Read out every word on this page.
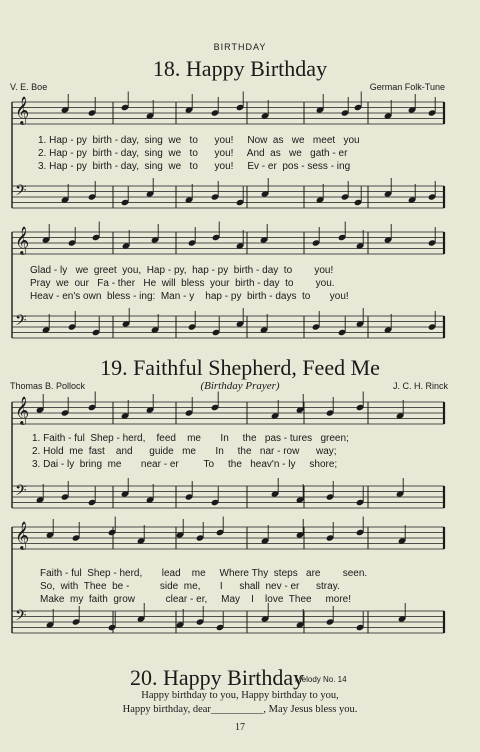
BIRTHDAY
18. Happy Birthday
V. E. Boe	German Folk-Tune
1. Hap - py  birth - day,  sing  we   to      you!     Now  as   we   meet   you
2. Hap - py  birth - day,  sing  we   to      you!     And  as   we   gath - er
3. Hap - py  birth - day,  sing  we   to      you!     Ev - er  pos - sess - ing
Glad - ly   we  greet  you,  Hap - py,  hap - py  birth - day  to        you!
Pray  we  our   Fa - ther   He  will  bless  your  birth - day  to        you.
Heav - en's own  bless - ing:  Man - y    hap - py  birth - days  to       you!
19. Faithful Shepherd, Feed Me
(Birthday Prayer)
Thomas B. Pollock	J. C. H. Rinck
1. Faith - ful  Shep - herd,    feed    me       In     the   pas - tures   green;
2. Hold  me  fast    and      guide   me       In     the   nar - row      way;
3. Dai - ly  bring  me       near - er         To     the   heav'n - ly     shore;
Faith - ful  Shep - herd,       lead    me     Where Thy  steps   are        seen.
So,  with  Thee  be -           side  me,       I      shall  nev - er      stray.
Make  my  faith  grow           clear - er,     May    I    love  Thee     more!
20. Happy Birthday
Melody No. 14
Happy birthday to you, Happy birthday to you,
Happy birthday, dear__________, May Jesus bless you.
17
𝄞
𝄢
𝄞
𝄢
𝄞
𝄢
𝄞
𝄢
